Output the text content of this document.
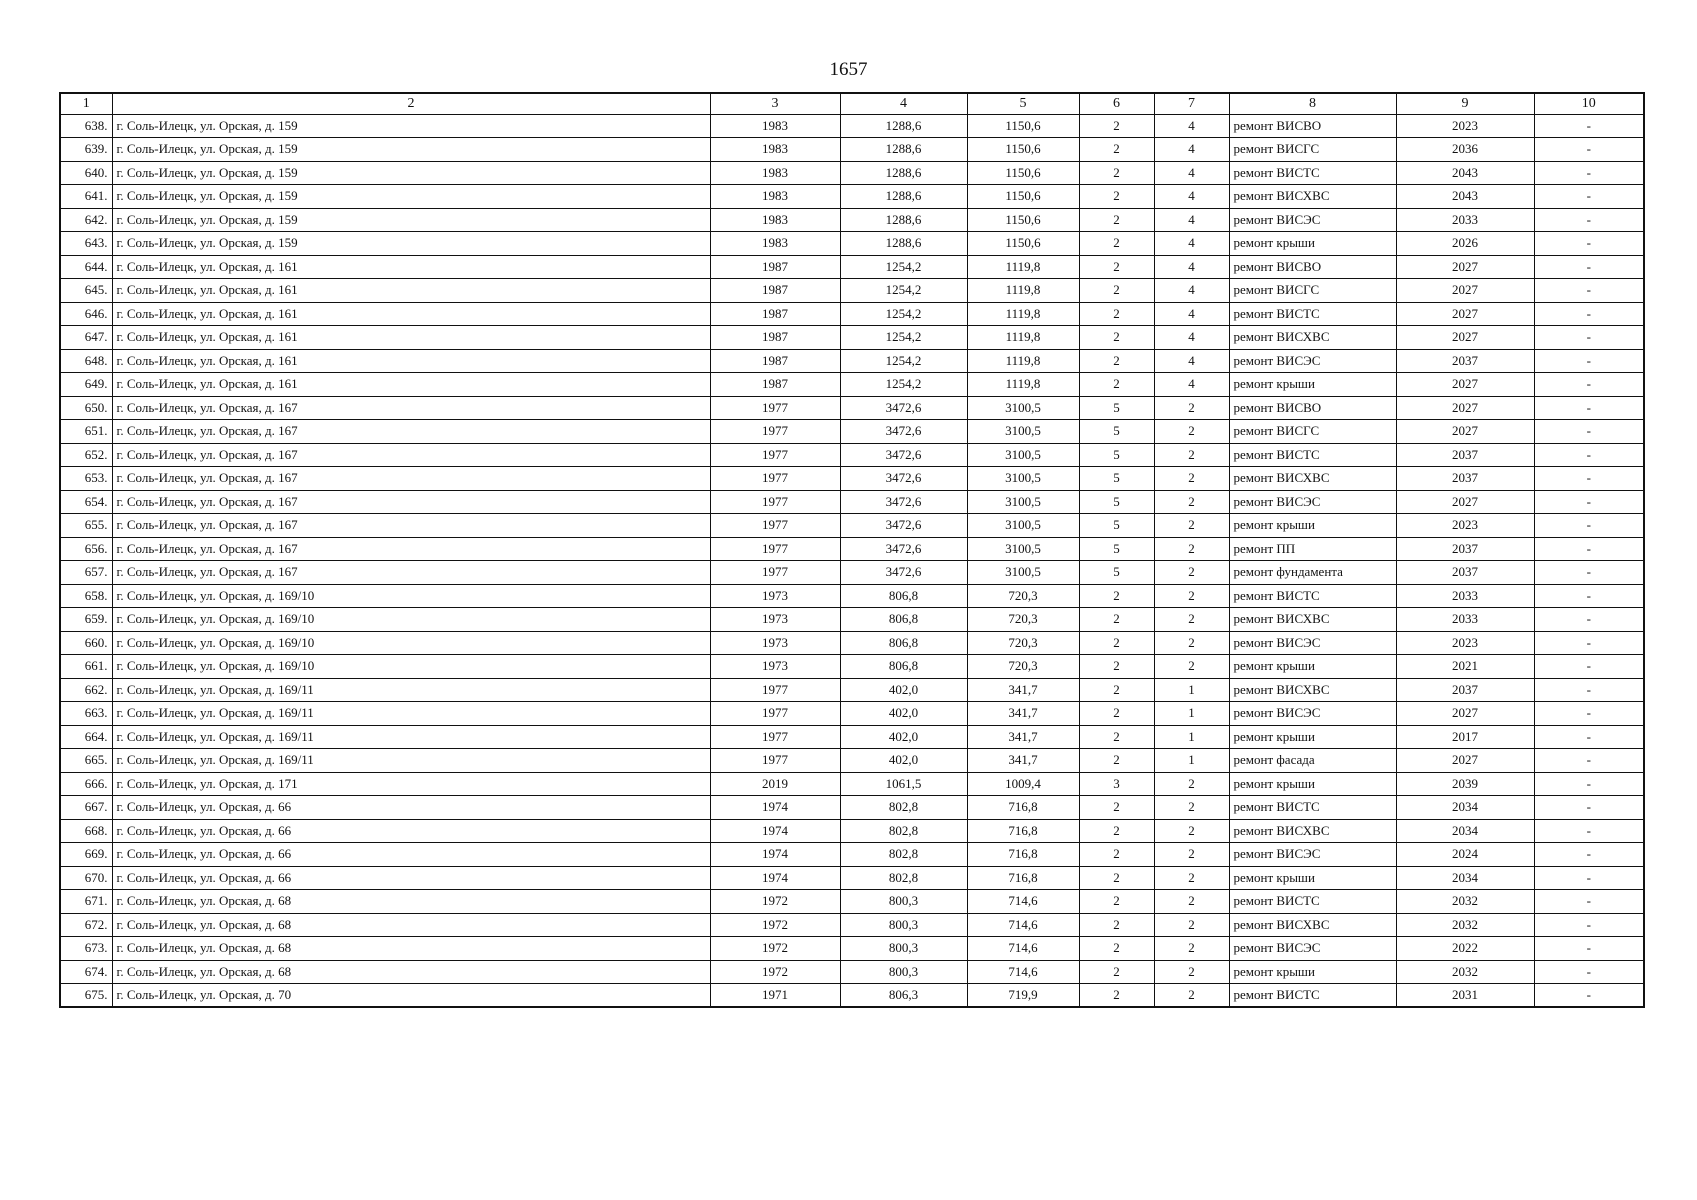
1657
1	2	3	4	5	6	7	8	9	10
638.	г. Соль-Илецк, ул. Орская, д. 159	1983	1288,6	1150,6	2	4	ремонт ВИСВО	2023	-
639.	г. Соль-Илецк, ул. Орская, д. 159	1983	1288,6	1150,6	2	4	ремонт ВИСГС	2036	-
640.	г. Соль-Илецк, ул. Орская, д. 159	1983	1288,6	1150,6	2	4	ремонт ВИСТС	2043	-
641.	г. Соль-Илецк, ул. Орская, д. 159	1983	1288,6	1150,6	2	4	ремонт ВИСХВС	2043	-
642.	г. Соль-Илецк, ул. Орская, д. 159	1983	1288,6	1150,6	2	4	ремонт ВИСЭС	2033	-
643.	г. Соль-Илецк, ул. Орская, д. 159	1983	1288,6	1150,6	2	4	ремонт крыши	2026	-
644.	г. Соль-Илецк, ул. Орская, д. 161	1987	1254,2	1119,8	2	4	ремонт ВИСВО	2027	-
645.	г. Соль-Илецк, ул. Орская, д. 161	1987	1254,2	1119,8	2	4	ремонт ВИСГС	2027	-
646.	г. Соль-Илецк, ул. Орская, д. 161	1987	1254,2	1119,8	2	4	ремонт ВИСТС	2027	-
647.	г. Соль-Илецк, ул. Орская, д. 161	1987	1254,2	1119,8	2	4	ремонт ВИСХВС	2027	-
648.	г. Соль-Илецк, ул. Орская, д. 161	1987	1254,2	1119,8	2	4	ремонт ВИСЭС	2037	-
649.	г. Соль-Илецк, ул. Орская, д. 161	1987	1254,2	1119,8	2	4	ремонт крыши	2027	-
650.	г. Соль-Илецк, ул. Орская, д. 167	1977	3472,6	3100,5	5	2	ремонт ВИСВО	2027	-
651.	г. Соль-Илецк, ул. Орская, д. 167	1977	3472,6	3100,5	5	2	ремонт ВИСГС	2027	-
652.	г. Соль-Илецк, ул. Орская, д. 167	1977	3472,6	3100,5	5	2	ремонт ВИСТС	2037	-
653.	г. Соль-Илецк, ул. Орская, д. 167	1977	3472,6	3100,5	5	2	ремонт ВИСХВС	2037	-
654.	г. Соль-Илецк, ул. Орская, д. 167	1977	3472,6	3100,5	5	2	ремонт ВИСЭС	2027	-
655.	г. Соль-Илецк, ул. Орская, д. 167	1977	3472,6	3100,5	5	2	ремонт крыши	2023	-
656.	г. Соль-Илецк, ул. Орская, д. 167	1977	3472,6	3100,5	5	2	ремонт ПП	2037	-
657.	г. Соль-Илецк, ул. Орская, д. 167	1977	3472,6	3100,5	5	2	ремонт фундамента	2037	-
658.	г. Соль-Илецк, ул. Орская, д. 169/10	1973	806,8	720,3	2	2	ремонт ВИСТС	2033	-
659.	г. Соль-Илецк, ул. Орская, д. 169/10	1973	806,8	720,3	2	2	ремонт ВИСХВС	2033	-
660.	г. Соль-Илецк, ул. Орская, д. 169/10	1973	806,8	720,3	2	2	ремонт ВИСЭС	2023	-
661.	г. Соль-Илецк, ул. Орская, д. 169/10	1973	806,8	720,3	2	2	ремонт крыши	2021	-
662.	г. Соль-Илецк, ул. Орская, д. 169/11	1977	402,0	341,7	2	1	ремонт ВИСХВС	2037	-
663.	г. Соль-Илецк, ул. Орская, д. 169/11	1977	402,0	341,7	2	1	ремонт ВИСЭС	2027	-
664.	г. Соль-Илецк, ул. Орская, д. 169/11	1977	402,0	341,7	2	1	ремонт крыши	2017	-
665.	г. Соль-Илецк, ул. Орская, д. 169/11	1977	402,0	341,7	2	1	ремонт фасада	2027	-
666.	г. Соль-Илецк, ул. Орская, д. 171	2019	1061,5	1009,4	3	2	ремонт крыши	2039	-
667.	г. Соль-Илецк, ул. Орская, д. 66	1974	802,8	716,8	2	2	ремонт ВИСТС	2034	-
668.	г. Соль-Илецк, ул. Орская, д. 66	1974	802,8	716,8	2	2	ремонт ВИСХВС	2034	-
669.	г. Соль-Илецк, ул. Орская, д. 66	1974	802,8	716,8	2	2	ремонт ВИСЭС	2024	-
670.	г. Соль-Илецк, ул. Орская, д. 66	1974	802,8	716,8	2	2	ремонт крыши	2034	-
671.	г. Соль-Илецк, ул. Орская, д. 68	1972	800,3	714,6	2	2	ремонт ВИСТС	2032	-
672.	г. Соль-Илецк, ул. Орская, д. 68	1972	800,3	714,6	2	2	ремонт ВИСХВС	2032	-
673.	г. Соль-Илецк, ул. Орская, д. 68	1972	800,3	714,6	2	2	ремонт ВИСЭС	2022	-
674.	г. Соль-Илецк, ул. Орская, д. 68	1972	800,3	714,6	2	2	ремонт крыши	2032	-
675.	г. Соль-Илецк, ул. Орская, д. 70	1971	806,3	719,9	2	2	ремонт ВИСТС	2031	-
